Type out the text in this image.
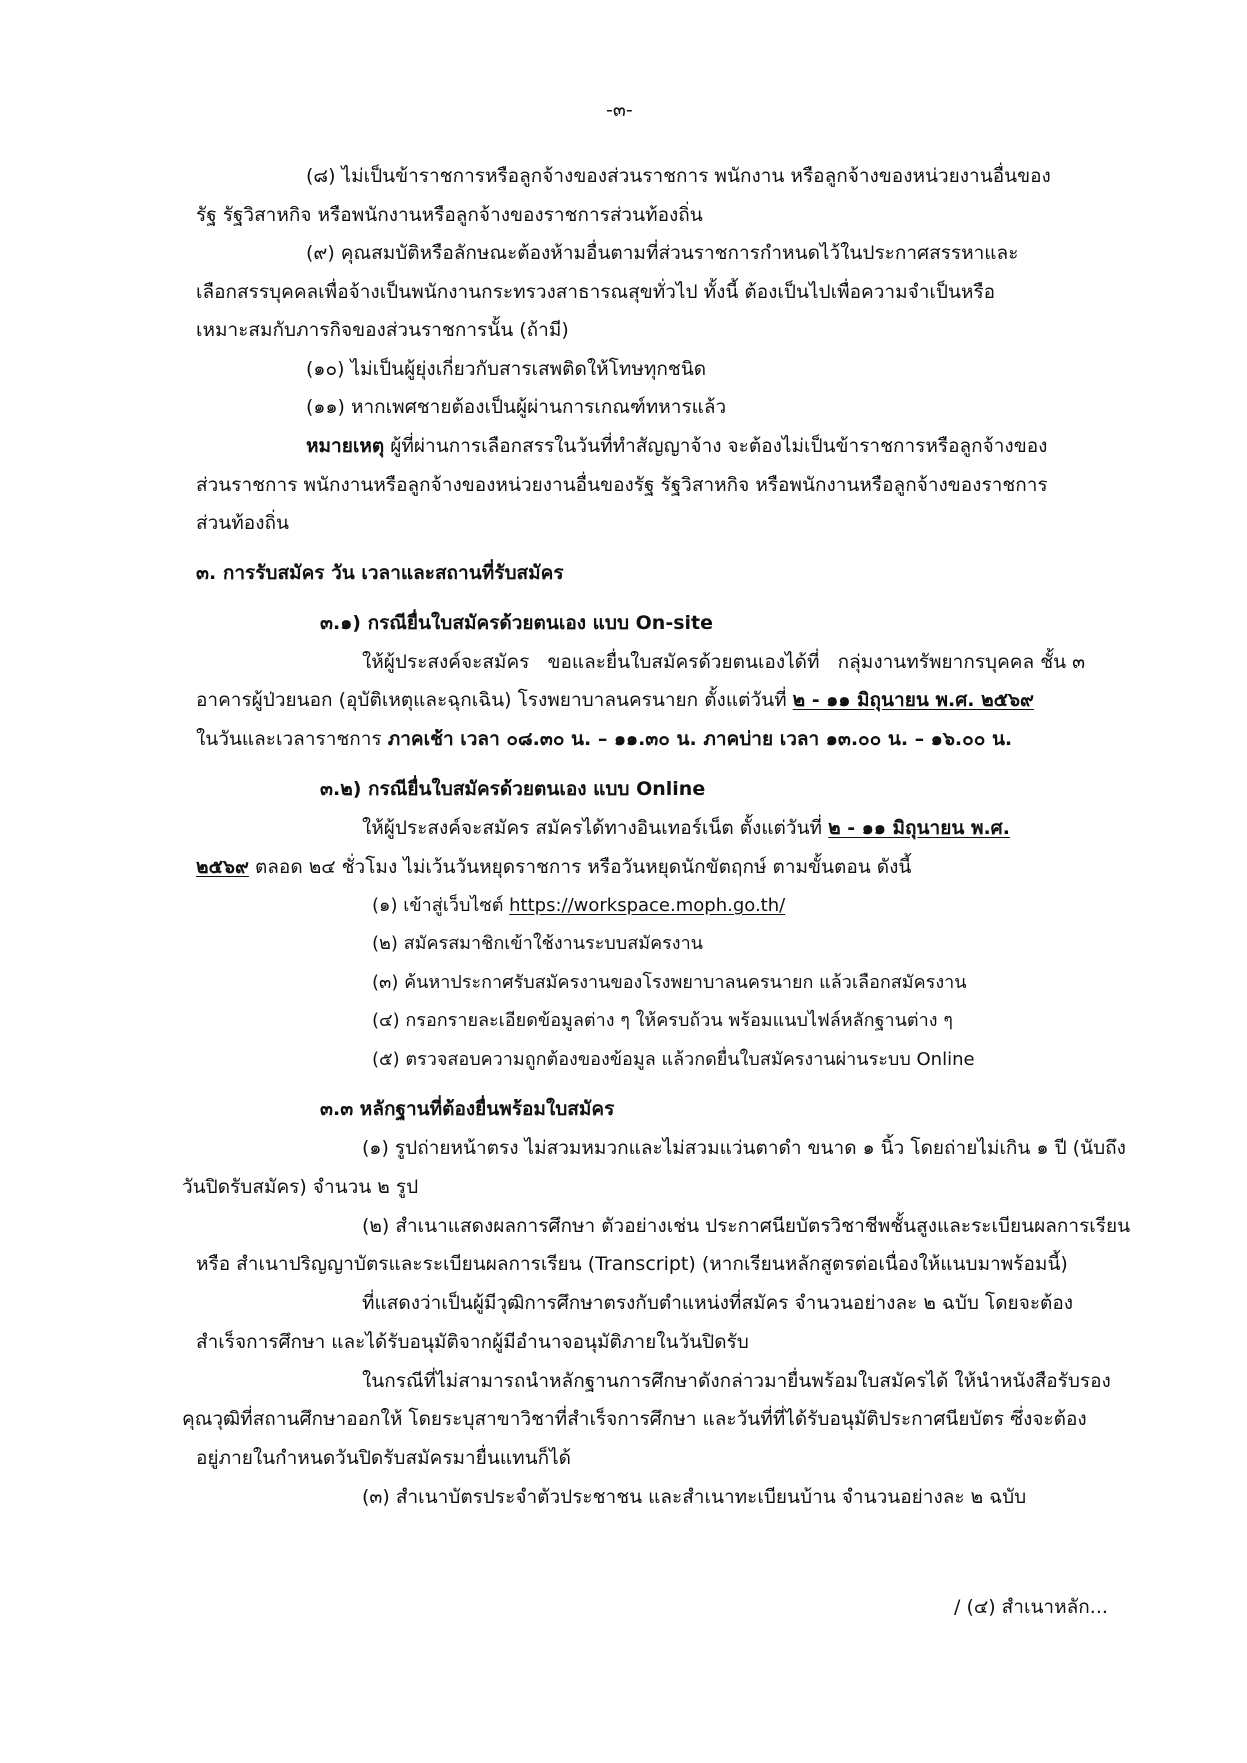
-๓-
(๘) ไม่เป็นข้าราชการหรือลูกจ้างของส่วนราชการ พนักงาน หรือลูกจ้างของหน่วยงานอื่นของ
รัฐ รัฐวิสาหกิจ หรือพนักงานหรือลูกจ้างของราชการส่วนท้องถิ่น
(๙) คุณสมบัติหรือลักษณะต้องห้ามอื่นตามที่ส่วนราชการกำหนดไว้ในประกาศสรรหาและ
เลือกสรรบุคคลเพื่อจ้างเป็นพนักงานกระทรวงสาธารณสุขทั่วไป ทั้งนี้ ต้องเป็นไปเพื่อความจำเป็นหรือ
เหมาะสมกับภารกิจของส่วนราชการนั้น (ถ้ามี)
(๑๐) ไม่เป็นผู้ยุ่งเกี่ยวกับสารเสพติดให้โทษทุกชนิด
(๑๑) หากเพศชายต้องเป็นผู้ผ่านการเกณฑ์ทหารแล้ว
หมายเหตุ ผู้ที่ผ่านการเลือกสรรในวันที่ทำสัญญาจ้าง จะต้องไม่เป็นข้าราชการหรือลูกจ้างของ
ส่วนราชการ พนักงานหรือลูกจ้างของหน่วยงานอื่นของรัฐ รัฐวิสาหกิจ หรือพนักงานหรือลูกจ้างของราชการ
ส่วนท้องถิ่น
๓. การรับสมัคร วัน เวลาและสถานที่รับสมัคร
๓.๑) กรณียื่นใบสมัครด้วยตนเอง แบบ On-site
ให้ผู้ประสงค์จะสมัคร   ขอและยื่นใบสมัครด้วยตนเองได้ที่   กลุ่มงานทรัพยากรบุคคล ชั้น ๓
อาคารผู้ป่วยนอก (อุบัติเหตุและฉุกเฉิน) โรงพยาบาลนครนายก ตั้งแต่วันที่ ๒ - ๑๑ มิถุนายน พ.ศ. ๒๕๖๙
ในวันและเวลาราชการ ภาคเช้า เวลา ๐๘.๓๐ น. – ๑๑.๓๐ น. ภาคบ่าย เวลา ๑๓.๐๐ น. – ๑๖.๐๐ น.
๓.๒) กรณียื่นใบสมัครด้วยตนเอง แบบ Online
ให้ผู้ประสงค์จะสมัคร สมัครได้ทางอินเทอร์เน็ต ตั้งแต่วันที่ ๒ - ๑๑ มิถุนายน พ.ศ.
๒๕๖๙ ตลอด ๒๔ ชั่วโมง ไม่เว้นวันหยุดราชการ หรือวันหยุดนักขัตฤกษ์ ตามขั้นตอน ดังนี้
(๑) เข้าสู่เว็บไซต์ https://workspace.moph.go.th/
(๒) สมัครสมาชิกเข้าใช้งานระบบสมัครงาน
(๓) ค้นหาประกาศรับสมัครงานของโรงพยาบาลนครนายก แล้วเลือกสมัครงาน
(๔) กรอกรายละเอียดข้อมูลต่าง ๆ ให้ครบถ้วน พร้อมแนบไฟล์หลักฐานต่าง ๆ
(๕) ตรวจสอบความถูกต้องของข้อมูล แล้วกดยื่นใบสมัครงานผ่านระบบ Online
๓.๓ หลักฐานที่ต้องยื่นพร้อมใบสมัคร
(๑) รูปถ่ายหน้าตรง ไม่สวมหมวกและไม่สวมแว่นตาดำ ขนาด ๑ นิ้ว โดยถ่ายไม่เกิน ๑ ปี (นับถึง
วันปิดรับสมัคร) จำนวน ๒ รูป
(๒) สำเนาแสดงผลการศึกษา ตัวอย่างเช่น ประกาศนียบัตรวิชาชีพชั้นสูงและระเบียนผลการเรียน
หรือ สำเนาปริญญาบัตรและระเบียนผลการเรียน (Transcript) (หากเรียนหลักสูตรต่อเนื่องให้แนบมาพร้อมนี้)
ที่แสดงว่าเป็นผู้มีวุฒิการศึกษาตรงกับตำแหน่งที่สมัคร จำนวนอย่างละ ๒ ฉบับ โดยจะต้อง
สำเร็จการศึกษา และได้รับอนุมัติจากผู้มีอำนาจอนุมัติภายในวันปิดรับ
ในกรณีที่ไม่สามารถนำหลักฐานการศึกษาดังกล่าวมายื่นพร้อมใบสมัครได้ ให้นำหนังสือรับรอง
คุณวุฒิที่สถานศึกษาออกให้ โดยระบุสาขาวิชาที่สำเร็จการศึกษา และวันที่ที่ได้รับอนุมัติประกาศนียบัตร ซึ่งจะต้อง
อยู่ภายในกำหนดวันปิดรับสมัครมายื่นแทนก็ได้
(๓) สำเนาบัตรประจำตัวประชาชน และสำเนาทะเบียนบ้าน จำนวนอย่างละ ๒ ฉบับ
/ (๔) สำเนาหลัก...
